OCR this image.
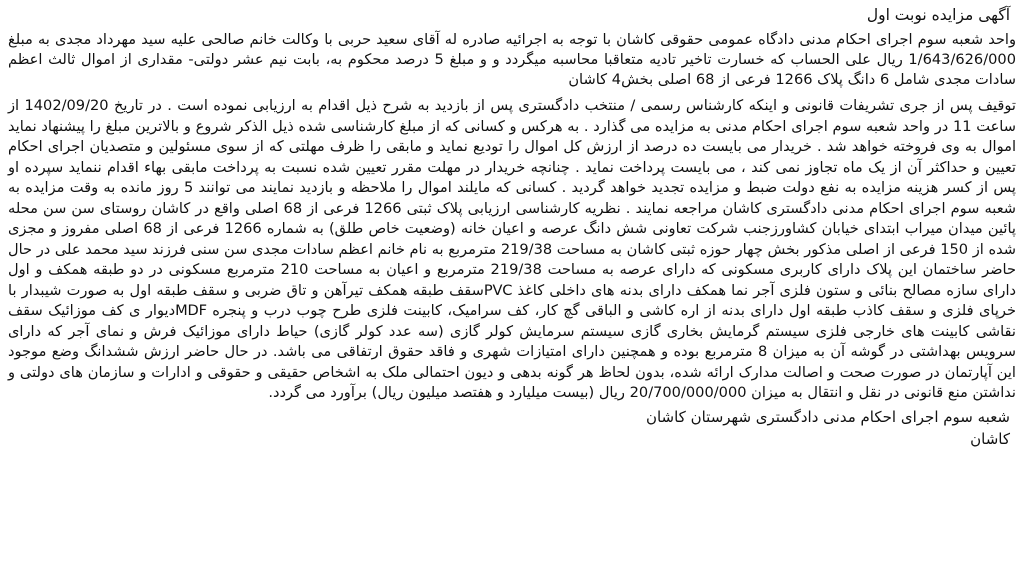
آگهی مزایده نوبت اول

واحد شعبه سوم اجرای احکام مدنی دادگاه عمومی حقوقی کاشان با توجه به اجرائیه صادره له آقای سعید حربی با وکالت خانم صالحی علیه سید مهرداد مجدی به مبلغ 1/643/626/000 ریال علی الحساب که خسارت تاخیر تادیه متعاقبا محاسبه میگردد و و مبلغ 5 درصد محکوم به، بابت نیم عشر دولتی- مقداری از اموال ثالث اعظم سادات مجدی شامل 6 دانگ پلاک 1266 فرعی از 68 اصلی بخش4 کاشان

توقیف پس از جری تشریفات قانونی و اینکه کارشناس رسمی / منتخب دادگستری پس از بازدید به شرح ذیل اقدام به ارزیابی نموده است . در تاریخ 1402/09/20 از ساعت 11 در واحد شعبه سوم اجرای احکام مدنی به مزایده می گذارد . به هرکس و کسانی که از مبلغ کارشناسی شده ذیل الذکر شروع و بالاترین مبلغ را پیشنهاد نماید اموال به وی فروخته خواهد شد . خریدار می بایست ده درصد از ارزش کل اموال را تودیع نماید و مابقی را ظرف مهلتی که از سوی مسئولین و متصدیان اجرای احکام تعیین و حداکثر آن از یک ماه تجاوز نمی کند ، می بایست پرداخت نماید . چنانچه خریدار در مهلت مقرر تعیین شده نسبت به پرداخت مابقی بهاء اقدام ننماید سپرده او پس از کسر هزینه مزایده به نفع دولت ضبط و مزایده تجدید خواهد گردید . کسانی که مایلند اموال را ملاحظه و بازدید نمایند می توانند 5 روز مانده به وقت مزایده به شعبه سوم اجرای احکام مدنی دادگستری کاشان مراجعه نمایند . نظریه کارشناسی ارزیابی پلاک ثبتی 1266 فرعی از 68 اصلی واقع در کاشان روستای سن سن محله پائین میدان میراب ابتدای خیابان کشاورزجنب شرکت تعاونی شش دانگ عرصه و اعیان خانه (وضعیت خاص طلق) به شماره 1266 فرعی از 68 اصلی مفروز و مجزی شده از 150 فرعی از اصلی مذکور بخش چهار حوزه ثبتی کاشان به مساحت 219/38 مترمربع به نام خانم اعظم سادات مجدی سن سنی فرزند سید محمد علی در حال حاضر ساختمان این پلاک دارای کاربری مسکونی که دارای عرصه به مساحت 219/38 مترمربع و اعیان به مساحت 210 مترمربع مسکونی در دو طبقه همکف و اول دارای سازه مصالح بنائی و ستون فلزی آجر نما همکف دارای بدنه های داخلی کاغذ PVCسقف طبقه همکف تیرآهن و تاق ضربی و سقف طبقه اول به صورت شیبدار با خرپای فلزی و سقف کاذب طبقه اول دارای بدنه از اره کاشی و الباقی گچ کار، کف سرامیک، کابینت فلزی طرح چوب درب و پنجره MDFدیوار ی کف موزائیک سقف نقاشی کابینت های خارجی فلزی سیستم گرمایش بخاری گازی سیستم سرمایش کولر گازی (سه عدد کولر گازی) حیاط دارای موزائیک فرش و نمای آجر که دارای سرویس بهداشتی در گوشه آن به میزان 8 مترمربع بوده و همچنین دارای امتیازات شهری و فاقد حقوق ارتفاقی می باشد. در حال حاضر ارزش ششدانگ وضع موجود این آپارتمان در صورت صحت و اصالت مدارک ارائه شده، بدون لحاظ هر گونه بدهی و دیون احتمالی ملک به اشخاص حقیقی و حقوقی و ادارات و سازمان های دولتی و نداشتن منع قانونی در نقل و انتقال به میزان 20/700/000/000 ریال (بیست میلیارد و هفتصد میلیون ریال) برآورد می گردد.

شعبه سوم اجرای احکام مدنی دادگستری شهرستان کاشان
کاشان
